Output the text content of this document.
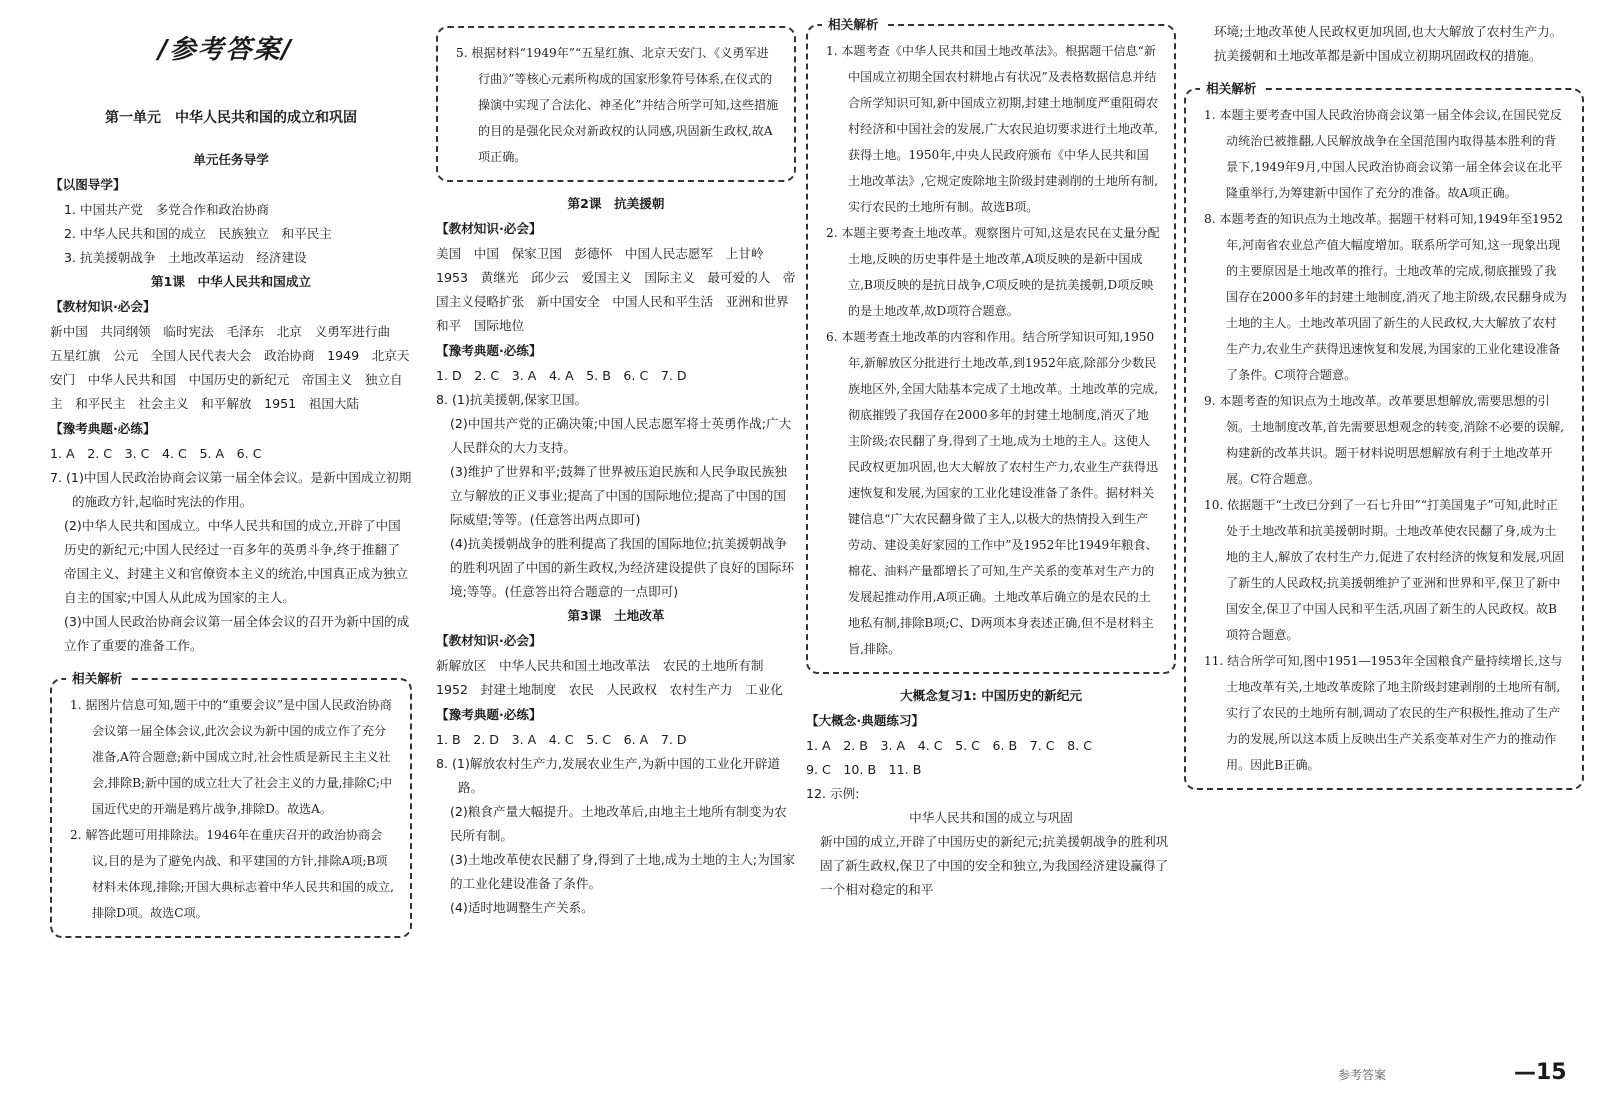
/参考答案/
第一单元　中华人民共和国的成立和巩固
单元任务导学
【以图导学】

1. 中国共产党　多党合作和政治协商

2. 中华人民共和国的成立　民族独立　和平民主

3. 抗美援朝战争　土地改革运动　经济建设

第1课　中华人民共和国成立
【教材知识·必会】

新中国　共同纲领　临时宪法　毛泽东　北京　义勇军进行曲　五星红旗　公元　全国人民代表大会　政治协商　1949　北京天安门　中华人民共和国　中国历史的新纪元　帝国主义　独立自主　和平民主　社会主义　和平解放　1951　祖国大陆

【豫考典题·必练】

1. A　2. C　3. C　4. C　5. A　6. C

7. (1)中国人民政治协商会议第一届全体会议。是新中国成立初期的施政方针,起临时宪法的作用。

(2)中华人民共和国成立。中华人民共和国的成立,开辟了中国历史的新纪元;中国人民经过一百多年的英勇斗争,终于推翻了帝国主义、封建主义和官僚资本主义的统治,中国真正成为独立自主的国家;中国人从此成为国家的主人。

(3)中国人民政治协商会议第一届全体会议的召开为新中国的成立作了重要的准备工作。

相关解析

1. 据图片信息可知,题干中的“重要会议”是中国人民政治协商会议第一届全体会议,此次会议为新中国的成立作了充分准备,A符合题意;新中国成立时,社会性质是新民主主义社会,排除B;新中国的成立壮大了社会主义的力量,排除C;中国近代史的开端是鸦片战争,排除D。故选A。

2. 解答此题可用排除法。1946年在重庆召开的政治协商会议,目的是为了避免内战、和平建国的方针,排除A项;B项材料未体现,排除;开国大典标志着中华人民共和国的成立,排除D项。故选C项。

5. 根据材料“1949年”“五星红旗、北京天安门、《义勇军进行曲》”等核心元素所构成的国家形象符号体系,在仪式的操演中实现了合法化、神圣化”并结合所学可知,这些措施的目的是强化民众对新政权的认同感,巩固新生政权,故A项正确。

第2课　抗美援朝
【教材知识·必会】

美国　中国　保家卫国　彭德怀　中国人民志愿军　上甘岭　1953　黄继光　邱少云　爱国主义　国际主义　最可爱的人　帝国主义侵略扩张　新中国安全　中国人民和平生活　亚洲和世界和平　国际地位

【豫考典题·必练】

1. D　2. C　3. A　4. A　5. B　6. C　7. D

8. (1)抗美援朝,保家卫国。

(2)中国共产党的正确决策;中国人民志愿军将士英勇作战;广大人民群众的大力支持。

(3)维护了世界和平;鼓舞了世界被压迫民族和人民争取民族独立与解放的正义事业;提高了中国的国际地位;提高了中国的国际威望;等等。(任意答出两点即可)

(4)抗美援朝战争的胜利提高了我国的国际地位;抗美援朝战争的胜利巩固了中国的新生政权,为经济建设提供了良好的国际环境;等等。(任意答出符合题意的一点即可)

第3课　土地改革
【教材知识·必会】

新解放区　中华人民共和国土地改革法　农民的土地所有制　1952　封建土地制度　农民　人民政权　农村生产力　工业化

【豫考典题·必练】

1. B　2. D　3. A　4. C　5. C　6. A　7. D

8. (1)解放农村生产力,发展农业生产,为新中国的工业化开辟道路。

(2)粮食产量大幅提升。土地改革后,由地主土地所有制变为农民所有制。

(3)土地改革使农民翻了身,得到了土地,成为土地的主人;为国家的工业化建设准备了条件。

(4)适时地调整生产关系。

相关解析

1. 本题考查《中华人民共和国土地改革法》。根据题干信息“新中国成立初期全国农村耕地占有状况”及表格数据信息并结合所学知识可知,新中国成立初期,封建土地制度严重阻碍农村经济和中国社会的发展,广大农民迫切要求进行土地改革,获得土地。1950年,中央人民政府颁布《中华人民共和国土地改革法》,它规定废除地主阶级封建剥削的土地所有制,实行农民的土地所有制。故选B项。

2. 本题主要考查土地改革。观察图片可知,这是农民在丈量分配土地,反映的历史事件是土地改革,A项反映的是新中国成立,B项反映的是抗日战争,C项反映的是抗美援朝,D项反映的是土地改革,故D项符合题意。

6. 本题考查土地改革的内容和作用。结合所学知识可知,1950年,新解放区分批进行土地改革,到1952年底,除部分少数民族地区外,全国大陆基本完成了土地改革。土地改革的完成,彻底摧毁了我国存在2000多年的封建土地制度,消灭了地主阶级;农民翻了身,得到了土地,成为土地的主人。这使人民政权更加巩固,也大大解放了农村生产力,农业生产获得迅速恢复和发展,为国家的工业化建设准备了条件。据材料关键信息“广大农民翻身做了主人,以极大的热情投入到生产劳动、建设美好家园的工作中”及1952年比1949年粮食、棉花、油料产量都增长了可知,生产关系的变革对生产力的发展起推动作用,A项正确。土地改革后确立的是农民的土地私有制,排除B项;C、D两项本身表述正确,但不是材料主旨,排除。

大概念复习1: 中国历史的新纪元
【大概念·典题练习】

1. A　2. B　3. A　4. C　5. C　6. B　7. C　8. C

9. C　10. B　11. B

12. 示例:

中华人民共和国的成立与巩固

新中国的成立,开辟了中国历史的新纪元;抗美援朝战争的胜利巩固了新生政权,保卫了中国的安全和独立,为我国经济建设赢得了一个相对稳定的和平

环境;土地改革使人民政权更加巩固,也大大解放了农村生产力。

抗美援朝和土地改革都是新中国成立初期巩固政权的措施。

相关解析

1. 本题主要考查中国人民政治协商会议第一届全体会议,在国民党反动统治已被推翻,人民解放战争在全国范围内取得基本胜利的背景下,1949年9月,中国人民政治协商会议第一届全体会议在北平隆重举行,为筹建新中国作了充分的准备。故A项正确。

8. 本题考查的知识点为土地改革。据题干材料可知,1949年至1952年,河南省农业总产值大幅度增加。联系所学可知,这一现象出现的主要原因是土地改革的推行。土地改革的完成,彻底摧毁了我国存在2000多年的封建土地制度,消灭了地主阶级,农民翻身成为土地的主人。土地改革巩固了新生的人民政权,大大解放了农村生产力,农业生产获得迅速恢复和发展,为国家的工业化建设准备了条件。C项符合题意。

9. 本题考查的知识点为土地改革。改革要思想解放,需要思想的引领。土地制度改革,首先需要思想观念的转变,消除不必要的误解,构建新的改革共识。题干材料说明思想解放有利于土地改革开展。C符合题意。

10. 依据题干“土改已分到了一石七升田”“打美国鬼子”可知,此时正处于土地改革和抗美援朝时期。土地改革使农民翻了身,成为土地的主人,解放了农村生产力,促进了农村经济的恢复和发展,巩固了新生的人民政权;抗美援朝维护了亚洲和世界和平,保卫了新中国安全,保卫了中国人民和平生活,巩固了新生的人民政权。故B项符合题意。

11. 结合所学可知,图中1951—1953年全国粮食产量持续增长,这与土地改革有关,土地改革废除了地主阶级封建剥削的土地所有制,实行了农民的土地所有制,调动了农民的生产积极性,推动了生产力的发展,所以这本质上反映出生产关系变革对生产力的推动作用。因此B正确。

参考答案	—15
